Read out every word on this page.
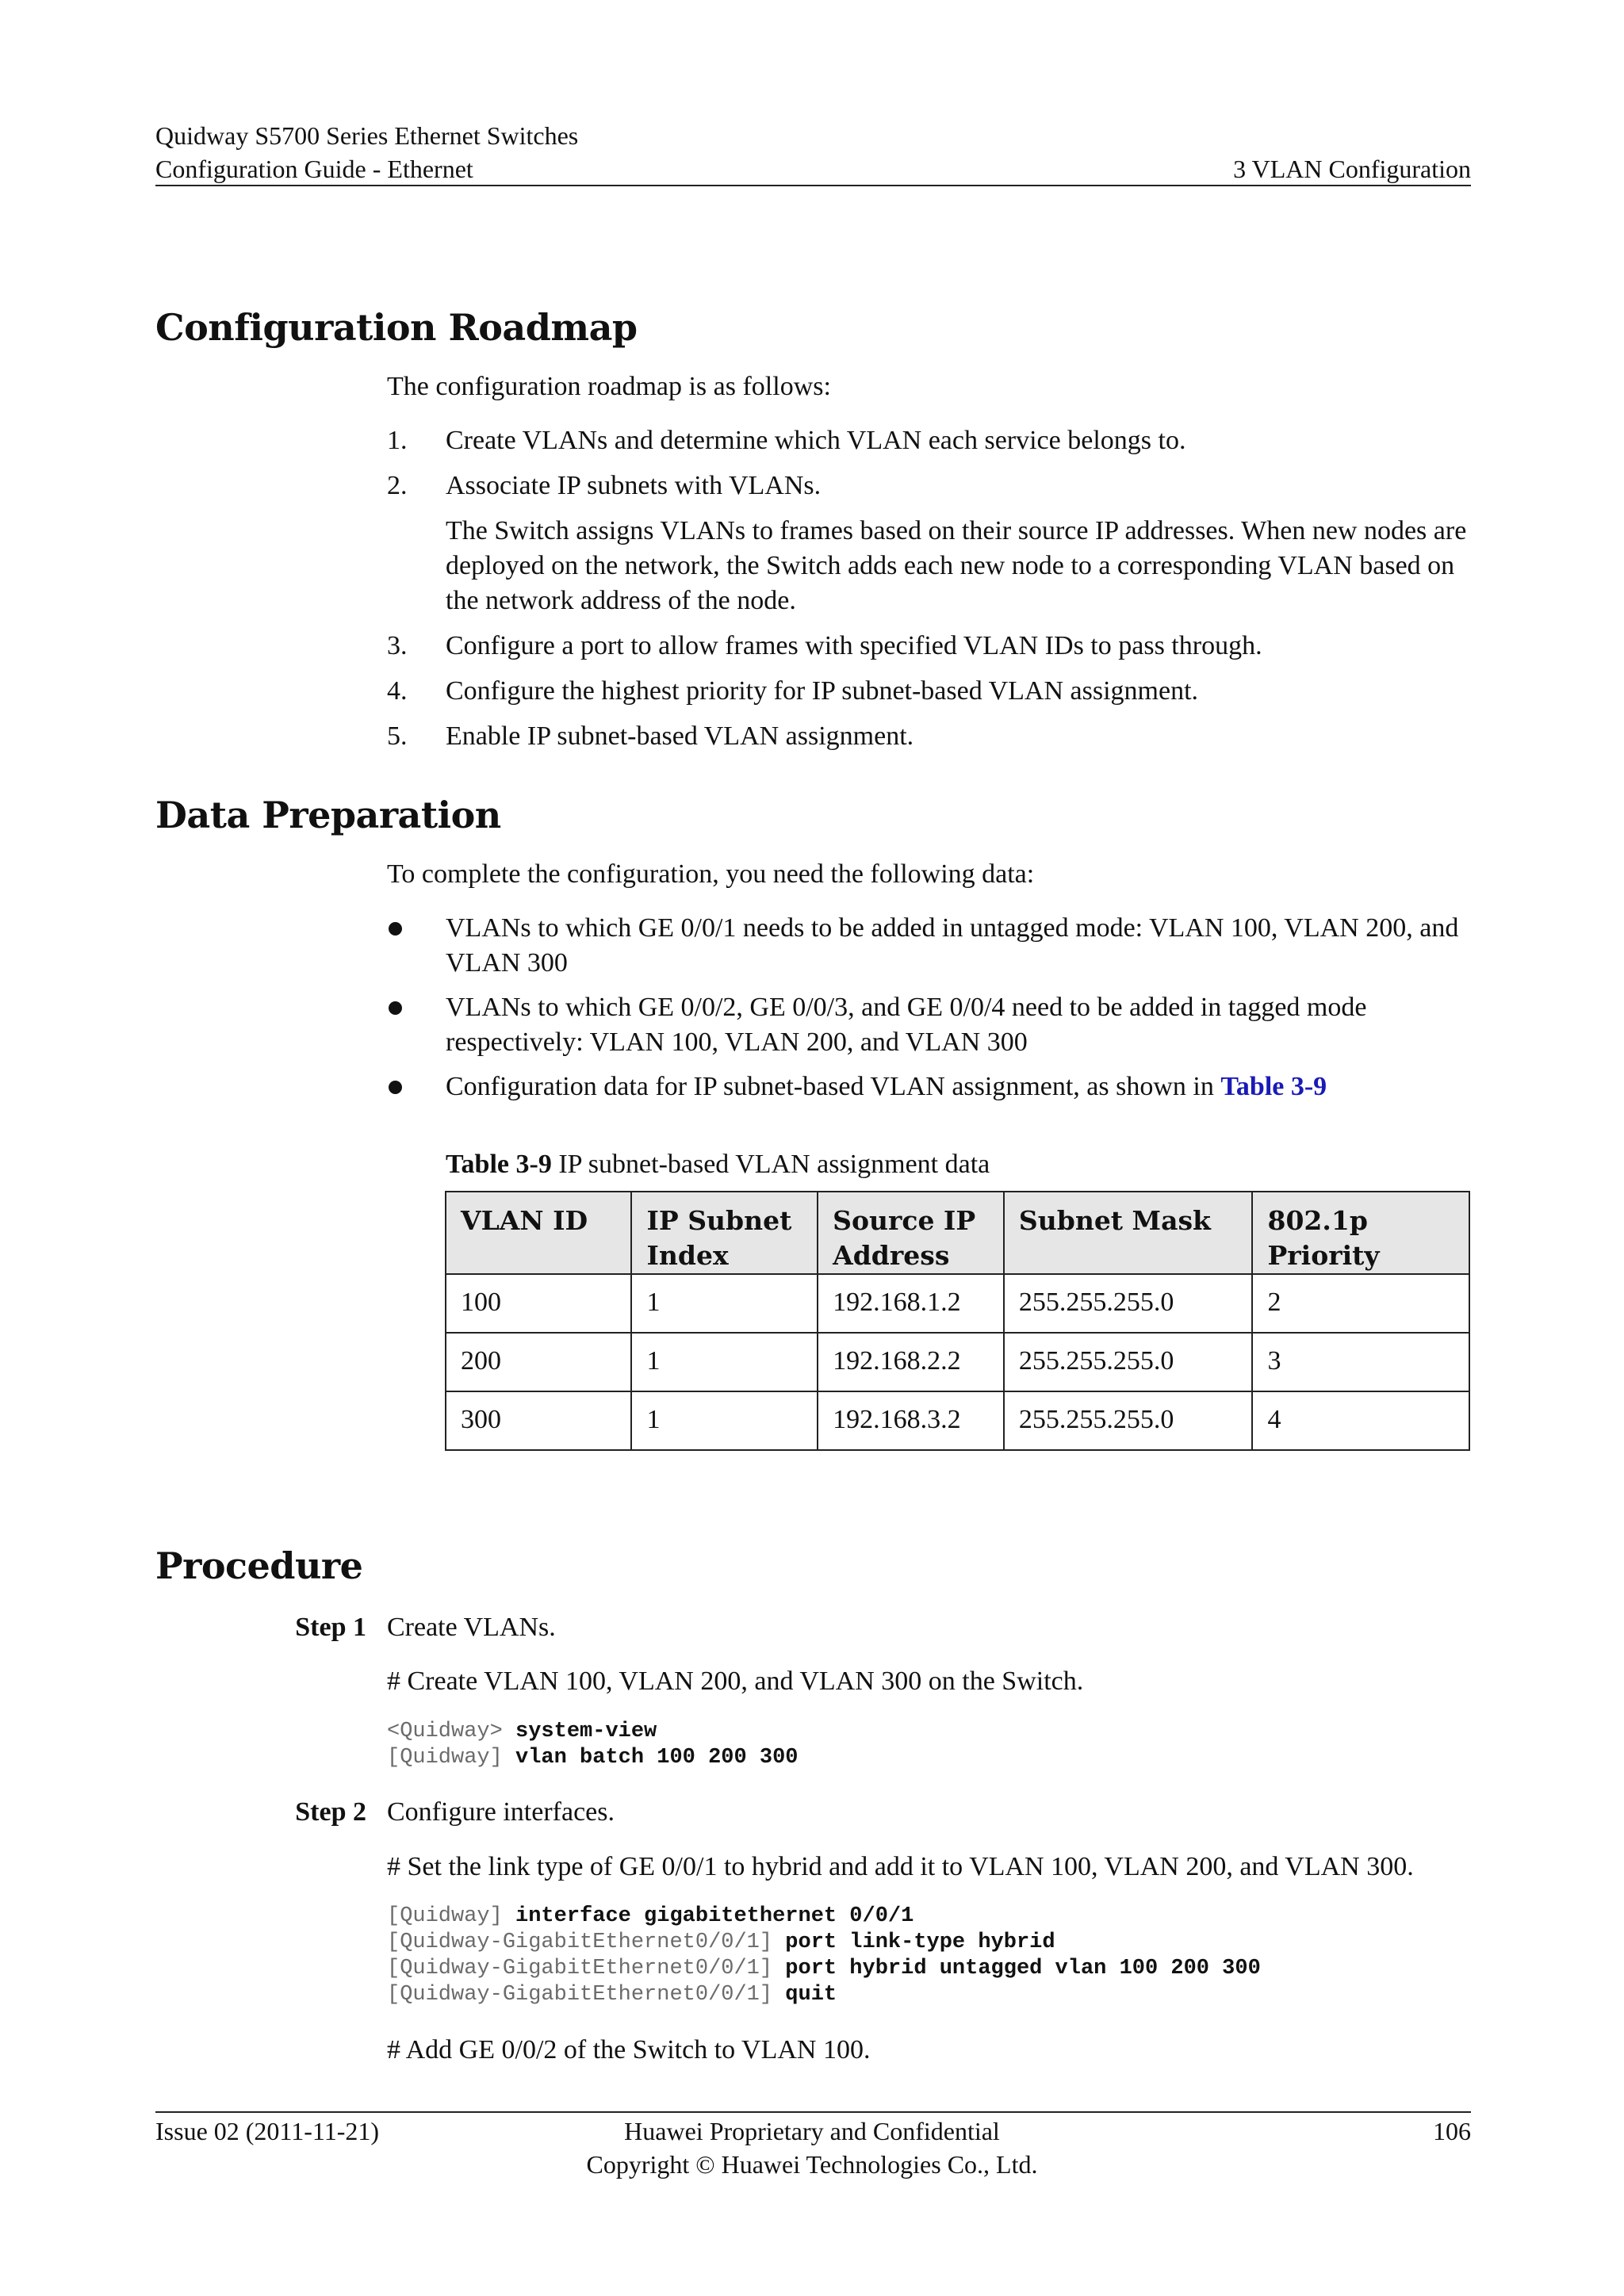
Quidway S5700 Series Ethernet Switches
Configuration Guide - Ethernet	3 VLAN Configuration
Configuration Roadmap
The configuration roadmap is as follows:
1. Create VLANs and determine which VLAN each service belongs to.
2. Associate IP subnets with VLANs.
The Switch assigns VLANs to frames based on their source IP addresses. When new nodes are deployed on the network, the Switch adds each new node to a corresponding VLAN based on the network address of the node.
3. Configure a port to allow frames with specified VLAN IDs to pass through.
4. Configure the highest priority for IP subnet-based VLAN assignment.
5. Enable IP subnet-based VLAN assignment.
Data Preparation
To complete the configuration, you need the following data:
VLANs to which GE 0/0/1 needs to be added in untagged mode: VLAN 100, VLAN 200, and VLAN 300
VLANs to which GE 0/0/2, GE 0/0/3, and GE 0/0/4 need to be added in tagged mode respectively: VLAN 100, VLAN 200, and VLAN 300
Configuration data for IP subnet-based VLAN assignment, as shown in Table 3-9
Table 3-9 IP subnet-based VLAN assignment data
VLAN ID	IP Subnet Index	Source IP Address	Subnet Mask	802.1p Priority
100	1	192.168.1.2	255.255.255.0	2
200	1	192.168.2.2	255.255.255.0	3
300	1	192.168.3.2	255.255.255.0	4
Procedure
Step 1 Create VLANs.
# Create VLAN 100, VLAN 200, and VLAN 300 on the Switch.
<Quidway> system-view
[Quidway] vlan batch 100 200 300
Step 2 Configure interfaces.
# Set the link type of GE 0/0/1 to hybrid and add it to VLAN 100, VLAN 200, and VLAN 300.
[Quidway] interface gigabitethernet 0/0/1
[Quidway-GigabitEthernet0/0/1] port link-type hybrid
[Quidway-GigabitEthernet0/0/1] port hybrid untagged vlan 100 200 300
[Quidway-GigabitEthernet0/0/1] quit
# Add GE 0/0/2 of the Switch to VLAN 100.
Issue 02 (2011-11-21)	Huawei Proprietary and Confidential
Copyright © Huawei Technologies Co., Ltd.
106
